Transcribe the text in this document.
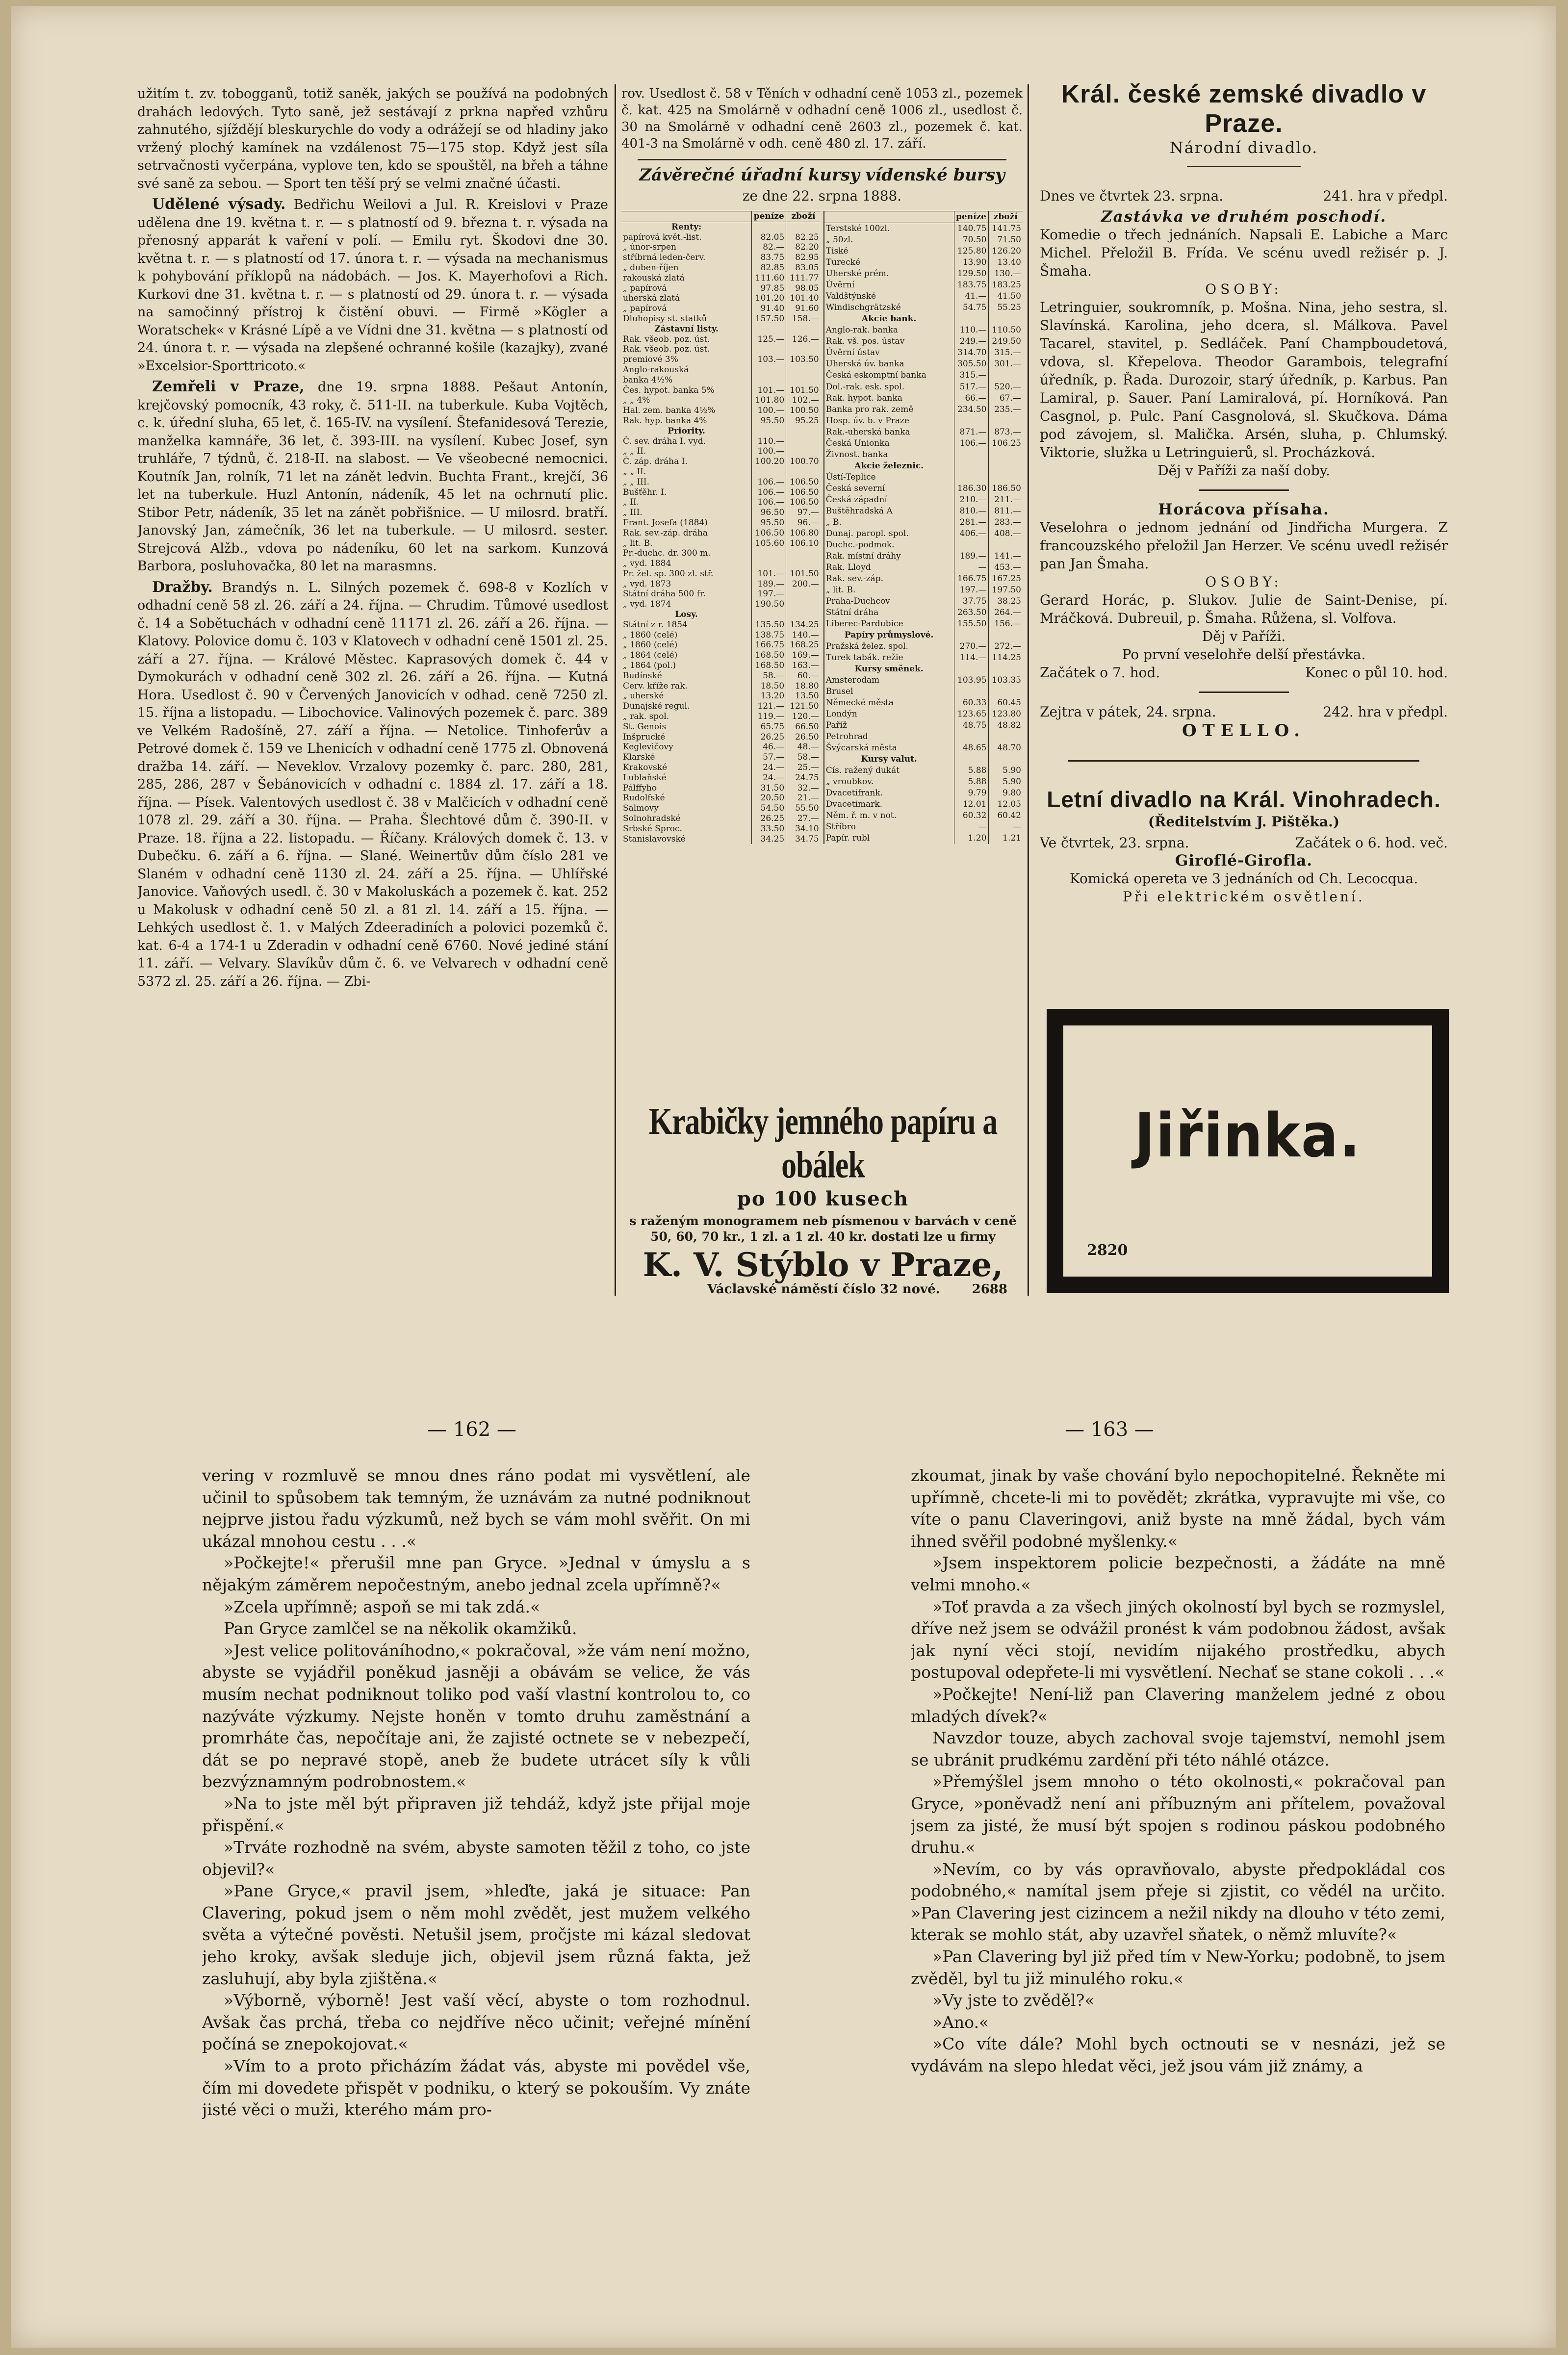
užitím t. zv. tobogganů, totiž saněk, jakých se používá na podobných drahách ledových. Tyto saně, jež sestávají z prkna napřed vzhůru zahnutého, sjíždějí bleskurychle do vody a odrážejí se od hladiny jako vržený plochý kamínek na vzdálenost 75—175 stop. Když jest síla setrvačnosti vyčerpána, vyplove ten, kdo se spouštěl, na břeh a táhne své saně za sebou. — Sport ten těší prý se velmi značné účasti.
Udělené výsady. Bedřichu Weilovi a Jul. R. Kreislovi v Praze udělena dne 19. května t. r. — s platností od 9. března t. r. výsada na přenosný apparát k vaření v polí. — Emilu ryt. Škodovi dne 30. května t. r. — s platností od 17. února t. r. — výsada na mechanismus k pohybování příklopů na nádobách. — Jos. K. Mayerhofovi a Rich. Kurkovi dne 31. května t. r. — s platností od 29. února t. r. — výsada na samočinný přístroj k čistění obuvi. — Firmě »Kögler a Woratschek« v Krásné Lípě a ve Vídni dne 31. května — s platností od 24. února t. r. — výsada na zlepšené ochranné košile (kazajky), zvané »Excelsior-Sporttricoto.«
Zemřeli v Praze, dne 19. srpna 1888. Pešaut Antonín, krejčovský pomocník, 43 roky, č. 511-II. na tuberkule. Kuba Vojtěch, c. k. úřední sluha, 65 let, č. 165-IV. na vysílení. Štefanidesová Terezie, manželka kamnáře, 36 let, č. 393-III. na vysílení. Kubec Josef, syn truhláře, 7 týdnů, č. 218-II. na slabost. — Ve všeobecné nemocnici. Koutník Jan, rolník, 71 let na zánět ledvin. Buchta Frant., krejčí, 36 let na tuberkule. Huzl Antonín, nádeník, 45 let na ochrnutí plic. Stibor Petr, nádeník, 35 let na zánět pobřišnice. — U milosrd. bratří. Janovský Jan, zámečník, 36 let na tuberkule. — U milosrd. sester. Strejcová Alžb., vdova po nádeníku, 60 let na sarkom. Kunzová Barbora, posluhovačka, 80 let na marasmns.
Dražby. Brandýs n. L. Silných pozemek č. 698-8 v Kozlích v odhadní ceně 58 zl. 26. září a 24. října. — Chrudim. Tůmové usedlost č. 14 a Sobětuchách v odhadní ceně 11171 zl. 26. září a 26. října. — Klatovy. Polovice domu č. 103 v Klatovech v odhadní ceně 1501 zl. 25. září a 27. října. — Králové Městec. Kaprasových domek č. 44 v Dymokurách v odhadní ceně 302 zl. 26. září a 26. října. — Kutná Hora. Usedlost č. 90 v Červených Janovicích v odhad. ceně 7250 zl. 15. října a listopadu. — Libochovice. Valinových pozemek č. parc. 389 ve Velkém Radošíně, 27. září a října. — Netolice. Tinhoferův a Petrové domek č. 159 ve Lhenicích v odhadní ceně 1775 zl. Obnovená dražba 14. září. — Neveklov. Vrzalovy pozemky č. parc. 280, 281, 285, 286, 287 v Šebánovicích v odhadní c. 1884 zl. 17. září a 18. října. — Písek. Valentových usedlost č. 38 v Malčicích v odhadní ceně 1078 zl. 29. září a 30. října. — Praha. Šlechtové dům č. 390-II. v Praze. 18. října a 22. listopadu. — Říčany. Králových domek č. 13. v Dubečku. 6. září a 6. října. — Slané. Weinertův dům číslo 281 ve Slaném v odhadní ceně 1130 zl. 24. září a 25. října. — Uhlířské Janovice. Vaňových usedl. č. 30 v Makoluskách a pozemek č. kat. 252 u Makolusk v odhadní ceně 50 zl. a 81 zl. 14. září a 15. října. — Lehkých usedlost č. 1. v Malých Zdeeradiních a polovici pozemků č. kat. 6-4 a 174-1 u Zderadin v odhadní ceně 6760. Nové jediné stání 11. září. — Velvary. Slavíkův dům č. 6. ve Velvarech v odhadní ceně 5372 zl. 25. září a 26. října. — Zbi-
rov. Usedlost č. 58 v Těních v odhadní ceně 1053 zl., pozemek č. kat. 425 na Smolárně v odhadní ceně 1006 zl., usedlost č. 30 na Smolárně v odhadní ceně 2603 zl., pozemek č. kat. 401-3 na Smolárně v odh. ceně 480 zl. 17. září.
Závěrečné úřadní kursy vídenské bursy
ze dne 22. srpna 1888.
	peníze	zboží
Renty:		
papírová květ.-list.	82.05	82.25
„ únor-srpen	82.—	82.20
stříbrná leden-červ.	83.75	82.95
„ duben-říjen	82.85	83.05
rakouská zlatá	111.60	111.77
„ papírová	97.85	98.05
uherská zlatá	101.20	101.40
„ papírová	91.40	91.60
Dluhopisy st. statků	157.50	158.—
Zástavní listy.		
Rak. všeob. poz. úst.	125.—	126.—
Rak. všeob. poz. úst.		
premiové 3%	103.—	103.50
Anglo-rakouská		
banka 4½%		
Čes. hypot. banka 5%	101.—	101.50
„ „ 4%	101.80	102.—
Hal. zem. banka 4½%	100.—	100.50
Rak. hyp. banka 4%	95.50	95.25
Priority.		
Č. sev. dráha I. vyd.	110.—	
„ „ II.	100.—	
Č. záp. dráha I.	100.20	100.70
„ „ II.		
„ „ III.	106.—	106.50
Bušťěhr. I.	106.—	106.50
„ II.	106.—	106.50
„ III.	96.50	97.—
Frant. Josefa (1884)	95.50	96.—
Rak. sev.-záp. dráha	106.50	106.80
„ lit. B.	105.60	106.10
Pr.-duchc. dr. 300 m.		
„ vyd. 1884		
Pr. žel. sp. 300 zl. stř.	101.—	101.50
„ vyd. 1873	189.—	200.—
Státní dráha 500 fr.	197.—	
„ vyd. 1874	190.50	
Losy.		
Státní z r. 1854	135.50	134.25
„ 1860 (celé)	138.75	140.—
„ 1860 (celé)	166.75	168.25
„ 1864 (celé)	168.50	169.—
„ 1864 (pol.)	168.50	163.—
Budínské	58.—	60.—
Cerv. kříže rak.	18.50	18.80
„ uherské	13.20	13.50
Dunajské regul.	121.—	121.50
„ rak. spol.	119.—	120.—
St. Genois	65.75	66.50
Inšprucké	26.25	26.50
Keglevičovy	46.—	48.—
Klarské	57.—	58.—
Krakovské	24.—	25.—
Lublaňské	24.—	24.75
Pálffyho	31.50	32.—
Rudolfské	20.50	21.—
Salmovy	54.50	55.50
Solnohradské	26.25	27.—
Srbské Sproc.	33.50	34.10
Stanislavovské	34.25	34.75
	peníze	zboží
Terstské 100zl.	140.75	141.75
„ 50zl.	70.50	71.50
Tiské	125.80	126.20
Turecké	13.90	13.40
Uherské prém.	129.50	130.—
Úvěrní	183.75	183.25
Valdštýnské	41.—	41.50
Windischgrätzské	54.75	55.25
Akcie bank.		
Anglo-rak. banka	110.—	110.50
Rak. vš. pos. ústav	249.—	249.50
Úvěrní ústav	314.70	315.—
Uherská úv. banka	305.50	301.—
Česká eskomptní banka	315.—	
Dol.-rak. esk. spol.	517.—	520.—
Rak. hypot. banka	66.—	67.—
Banka pro rak. země	234.50	235.—
Hosp. úv. b. v Praze		
Rak.-uherská banka	871.—	873.—
Česká Unionka	106.—	106.25
Živnost. banka		
Akcie železnic.		
Ústí-Teplice		
Česká severní	186.30	186.50
Česká západní	210.—	211.—
Buštěhradská A	810.—	811.—
„ B.	281.—	283.—
Dunaj. paropl. spol.	406.—	408.—
Duchc.-podmok.		
Rak. místní dráhy	189.—	141.—
Rak. Lloyd	—	453.—
Rak. sev.-záp.	166.75	167.25
„ lit. B.	197.—	197.50
Praha-Duchcov	37.75	38.25
Státní dráha	263.50	264.—
Liberec-Pardubice	155.50	156.—
Papíry průmyslové.		
Pražská želez. spol.	270.—	272.—
Turek tabák. režie	114.—	114.25
Kursy směnek.		
Amsterodam	103.95	103.35
Brusel		
Německé města	60.33	60.45
Londýn	123.65	123.80
Paříž	48.75	48.82
Petrohrad		
Švýcarská města	48.65	48.70
Kursy valut.		
Cís. ražený dukát	5.88	5.90
„ vroubkov.	5.88	5.90
Dvacetifrank.	9.79	9.80
Dvacetimark.	12.01	12.05
Něm. ř. m. v not.	60.32	60.42
Stříbro	—	—
Papír. rubl	1.20	1.21
Krabičky jemného papíru a obálek
po 100 kusech
s raženým monogramem neb písmenou v barvách v ceně 50, 60, 70 kr., 1 zl. a 1 zl. 40 kr. dostati lze u firmy
K. V. Stýblo v Praze,
Václavské náměstí číslo 32 nové. 2688
Král. české zemské divadlo v Praze.
Národní divadlo.
Dnes ve čtvrtek 23. srpna.	241. hra v předpl.
Zastávka ve druhém poschodí.
Komedie o třech jednáních. Napsali E. Labiche a Marc Michel. Přeložil B. Frída. Ve scénu uvedl režisér p. J. Šmaha.
OSOBY:
Letringuier, soukromník, p. Mošna. Nina, jeho sestra, sl. Slavínská. Karolina, jeho dcera, sl. Málkova. Pavel Tacarel, stavitel, p. Sedláček. Paní Champboudetová, vdova, sl. Křepelova. Theodor Garambois, telegrafní úředník, p. Řada. Durozoir, starý úředník, p. Karbus. Pan Lamiral, p. Sauer. Paní Lamiralová, pí. Horníková. Pan Casgnol, p. Pulc. Paní Casgnolová, sl. Skučkova. Dáma pod závojem, sl. Malička. Arsén, sluha, p. Chlumský. Viktorie, služka u Letringuierů, sl. Procházková.
Děj v Paříži za naší doby.
Horácova přísaha.
Veselohra o jednom jednání od Jindřicha Murgera. Z francouzského přeložil Jan Herzer. Ve scénu uvedl režisér pan Jan Šmaha.
OSOBY:
Gerard Horác, p. Slukov. Julie de Saint-Denise, pí. Mráčková. Dubreuil, p. Šmaha. Růžena, sl. Volfova.
Děj v Paříži.
Po první veselohře delší přestávka.
Začátek o 7. hod.	Konec o půl 10. hod.
Zejtra v pátek, 24. srpna.	242. hra v předpl.
OTELLO.
Letní divadlo na Král. Vinohradech.
(Ředitelstvím J. Pištěka.)
Ve čtvrtek, 23. srpna.	Začátek o 6. hod. več.
Giroflé-Girofla.
Komická opereta ve 3 jednáních od Ch. Lecocqua.
Při elektrickém osvětlení.
Jiřinka.
2820
— 162 —	— 163 —

vering v rozmluvě se mnou dnes ráno podat mi vysvětlení, ale učinil to spůsobem tak temným, že uznávám za nutné podniknout nejprve jistou řadu výzkumů, než bych se vám mohl svěřit. On mi ukázal mnohou cestu . . .«

»Počkejte!« přerušil mne pan Gryce. »Jednal v úmyslu a s nějakým záměrem nepočestným, anebo jednal zcela upřímně?«

»Zcela upřímně; aspoň se mi tak zdá.«

Pan Gryce zamlčel se na několik okamžiků.

»Jest velice politováníhodno,« pokračoval, »že vám není možno, abyste se vyjádřil poněkud jasněji a obávám se velice, že vás musím nechat podniknout toliko pod vaší vlastní kontrolou to, co nazýváte výzkumy. Nejste honěn v tomto druhu zaměstnání a promrháte čas, nepočítaje ani, že zajisté octnete se v nebezpečí, dát se po nepravé stopě, aneb že budete utrácet síly k vůli bezvýznamným podrobnostem.«

»Na to jste měl být připraven již tehdáž, když jste přijal moje přispění.«

»Trváte rozhodně na svém, abyste samoten těžil z toho, co jste objevil?«

»Pane Gryce,« pravil jsem, »hleďte, jaká je situace: Pan Clavering, pokud jsem o něm mohl zvědět, jest mužem velkého světa a výtečné pověsti. Netušil jsem, pročjste mi kázal sledovat jeho kroky, avšak sleduje jich, objevil jsem různá fakta, jež zasluhují, aby byla zjištěna.«

»Výborně, výborně! Jest vaší věcí, abyste o tom rozhodnul. Avšak čas prchá, třeba co nejdříve něco učinit; veřejné mínění počíná se znepokojovat.«

»Vím to a proto přicházím žádat vás, abyste mi povědel vše, čím mi dovedete přispět v podniku, o který se pokouším. Vy znáte jisté věci o muži, kterého mám pro-

zkoumat, jinak by vaše chování bylo nepochopitelné. Řekněte mi upřímně, chcete-li mi to povědět; zkrátka, vypravujte mi vše, co víte o panu Claveringovi, aniž byste na mně žádal, bych vám ihned svěřil podobné myšlenky.«

»Jsem inspektorem policie bezpečnosti, a žádáte na mně velmi mnoho.«

»Toť pravda a za všech jiných okolností byl bych se rozmyslel, dříve než jsem se odvážil pronést k vám podobnou žádost, avšak jak nyní věci stojí, nevidím nijakého prostředku, abych postupoval odepřete-li mi vysvětlení. Nechať se stane cokoli . . .«

»Počkejte! Není-liž pan Clavering manželem jedné z obou mladých dívek?«

Navzdor touze, abych zachoval svoje tajemství, nemohl jsem se ubránit prudkému zardění při této náhlé otázce.

»Přemýšlel jsem mnoho o této okolnosti,« pokračoval pan Gryce, »poněvadž není ani příbuzným ani přítelem, považoval jsem za jisté, že musí být spojen s rodinou páskou podobného druhu.«

»Nevím, co by vás opravňovalo, abyste předpokládal cos podobného,« namítal jsem přeje si zjistit, co vědél na určito. »Pan Clavering jest cizincem a nežil nikdy na dlouho v této zemi, kterak se mohlo stát, aby uzavřel sňatek, o němž mluvíte?«

»Pan Clavering byl již před tím v New-Yorku; podobně, to jsem zvěděl, byl tu již minulého roku.«

»Vy jste to zvěděl?«

»Ano.«

»Co víte dále? Mohl bych octnouti se v nesnázi, jež se vydávám na slepo hledat věci, jež jsou vám již známy, a
